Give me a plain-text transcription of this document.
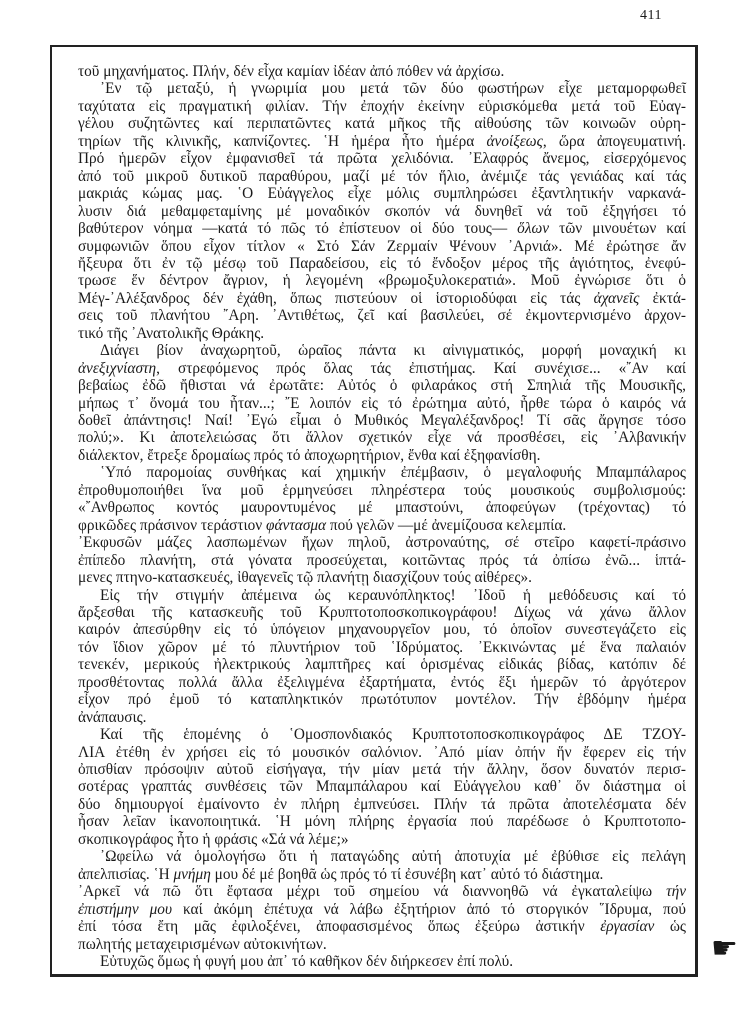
411
τοῦ μηχανήματος. Πλήν, δέν εἶχα καμίαν ἰδέαν ἀπό πόθεν νά ἀρχίσω.
᾿Εν τῷ μεταξύ, ἡ γνωριμία μου μετά τῶν δύο φωστήρων εἶχε μεταμορφωθεῖ
ταχύτατα εἰς πραγματική φιλίαν. Τήν ἐποχήν ἐκείνην εὑρισκόμεθα μετά τοῦ Εὐαγ-
γέλου συζητῶντες καί περιπατῶντες κατά μῆκος τῆς αἰθούσης τῶν κοινωῶν οὐρη-
τηρίων τῆς κλινικῆς, καπνίζοντες. ῾Η ἡμέρα ἦτο ἡμέρα ἀνοίξεως, ὥρα ἀπογευματινή.
Πρό ἡμερῶν εἶχον ἐμφανισθεῖ τά πρῶτα χελιδόνια. ᾿Ελαφρός ἄνεμος, εἰσερχόμενος
ἀπό τοῦ μικροῦ δυτικοῦ παραθύρου, μαζί μέ τόν ἥλιο, ἀνέμιζε τάς γενιάδας καί τάς
μακριάς κώμας μας. ῾Ο Εὐάγγελος εἶχε μόλις συμπληρώσει ἐξαντλητικήν ναρκανά-
λυσιν διά μεθαμφεταμίνης μέ μοναδικόν σκοπόν νά δυνηθεῖ νά τοῦ ἐξηγήσει τό
βαθύτερον νόημα —κατά τό πῶς τό ἐπίστευον οἱ δύο τους— ὅλων τῶν μινουέτων καί
συμφωνιῶν ὅπου εἶχον τίτλον « Στό Σάν Ζερμαίν Ψένουν ᾿Αρνιά». Μέ ἐρώτησε ἄν
ἤξευρα ὅτι ἐν τῷ μέσῳ τοῦ Παραδείσου, εἰς τό ἔνδοξον μέρος τῆς ἁγιότητος, ἐνεφύ-
τρωσε ἕν δέντρον ἄγριον, ἡ λεγομένη «βρωμοξυλοκερατιά». Μοῦ ἐγνώρισε ὅτι ὁ
Μέγ-᾿Αλέξανδρος δέν ἐχάθη, ὅπως πιστεύουν οἱ ἱστοριοδύφαι εἰς τάς ἀχανεῖς ἐκτά-
σεις τοῦ πλανήτου ῎Αρη. ᾿Αντιθέτως, ζεῖ καί βασιλεύει, σέ ἐκμοντερνισμένο ἀρχον-
τικό τῆς ᾿Ανατολικῆς Θράκης.
Διάγει βίον ἀναχωρητοῦ, ὡραῖος πάντα κι αἰνιγματικός, μορφή μοναχική κι
ἀνεξιχνίαστη, στρεφόμενος πρός ὅλας τάς ἐπιστήμας. Καί συνέχισε... «῎Αν καί
βεβαίως ἐδῶ ἤθισται νά ἐρωτᾶτε: Αὐτός ὁ φιλαράκος στή Σπηλιά τῆς Μουσικῆς,
μήπως τ᾿ ὄνομά του ἦταν...; ῎Ε λοιπόν εἰς τό ἐρώτημα αὐτό, ἦρθε τώρα ὁ καιρός νά
δοθεῖ ἀπάντησις! Ναί! ᾿Εγώ εἶμαι ὁ Μυθικός Μεγαλέξανδρος! Τί σᾶς ἄργησε τόσο
πολύ;». Κι ἀποτελειώσας ὅτι ἄλλον σχετικόν εἶχε νά προσθέσει, εἰς ᾿Αλβανικήν
διάλεκτον, ἔτρεξε δρομαίως πρός τό ἀποχωρητήριον, ἔνθα καί ἐξηφανίσθη.
῾Υπό παρομοίας συνθήκας καί χημικήν ἐπέμβασιν, ὁ μεγαλοφυής Μπαμπάλαρος
ἐπροθυμοποιήθει ἵνα μοῦ ἑρμηνεύσει πληρέστερα τούς μουσικούς συμβολισμούς:
«῎Ανθρωπος κοντός μαυροντυμένος μέ μπαστούνι, ἀποφεύγων (τρέχοντας) τό
φρικῶδες πράσινον τεράστιον φάντασμα πού γελῶν —μέ ἀνεμίζουσα κελεμπία.
᾿Εκφυσῶν μάζες λασπωμένων ἤχων πηλοῦ, ἀστροναύτης, σέ στεῖρο καφετί-πράσινο
ἐπίπεδο πλανήτη, στά γόνατα προσεύχεται, κοιτῶντας πρός τά ὀπίσω ἐνῶ... ἱπτά-
μενες πτηνο-κατασκευές, ἰθαγενεῖς τῷ πλανήτῃ διασχίζουν τούς αἰθέρες».
Εἰς τήν στιγμήν ἀπέμεινα ὡς κεραυνόπληκτος! ᾿Ιδοῦ ἡ μεθόδευσις καί τό
ἄρξεσθαι τῆς κατασκευῆς τοῦ Κρυπτοτοποσκοπικογράφου! Δίχως νά χάνω ἄλλον
καιρόν ἀπεσύρθην εἰς τό ὑπόγειον μηχανουργεῖον μου, τό ὁποῖον συνεστεγάζετο εἰς
τόν ἴδιον χῶρον μέ τό πλυντήριον τοῦ ῾Ιδρύματος. ᾿Εκκινώντας μέ ἕνα παλαιόν
τενεκέν, μερικούς ἠλεκτρικούς λαμπτῆρες καί ὁρισμένας εἰδικάς βίδας, κατόπιν δέ
προσθέτοντας πολλά ἄλλα ἐξελιγμένα ἐξαρτήματα, ἐντός ἕξι ἡμερῶν τό ἀργότερον
εἶχον πρό ἐμοῦ τό καταπληκτικόν πρωτότυπον μοντέλον. Τήν ἑβδόμην ἡμέρα
ἀνάπαυσις.
Καί τῆς ἑπομένης ὁ ῾Ομοσπονδιακός Κρυπτοτοποσκοπικογράφος ΔΕ ΤΖΟΥ-
ΛΙΑ ἐτέθη ἐν χρήσει εἰς τό μουσικόν σαλόνιον. ᾿Από μίαν ὀπήν ἥν ἔφερεν εἰς τήν
ὀπισθίαν πρόσοψιν αὐτοῦ εἰσήγαγα, τήν μίαν μετά τήν ἄλλην, ὅσον δυνατόν περισ-
σοτέρας γραπτάς συνθέσεις τῶν Μπαμπάλαρου καί Εὐάγγελου καθ᾿ ὅν διάστημα οἱ
δύο δημιουργοί ἐμαίνοντο ἐν πλήρη ἐμπνεύσει. Πλήν τά πρῶτα ἀποτελέσματα δέν
ἦσαν λεῖαν ἱκανοποιητικά. ῾Η μόνη πλήρης ἐργασία πού παρέδωσε ὁ Κρυπτοτοπο-
σκοπικογράφος ἦτο ἡ φράσις «Σά νά λέμε;»
᾿Ωφείλω νά ὁμολογήσω ὅτι ἡ παταγώδης αὐτή ἀποτυχία μέ ἐβύθισε εἰς πελάγη
ἀπελπισίας. ῾Η μνήμη μου δέ μέ βοηθᾶ ὡς πρός τό τί ἐσυνέβη κατ᾿ αὐτό τό διάστημα.
᾿Αρκεῖ νά πῶ ὅτι ἔφτασα μέχρι τοῦ σημείου νά διαννοηθῶ νά ἐγκαταλείψω τήν
ἐπιστήμην μου καί ἀκόμη ἐπέτυχα νά λάβω ἐξητήριον ἀπό τό στοργικόν ῞Ιδρυμα, πού
ἐπί τόσα ἔτη μᾶς ἐφιλοξένει, ἀποφασισμένος ὅπως ἐξεύρω ἀστικήν ἐργασίαν ὡς
πωλητής μεταχειρισμένων αὐτοκινήτων.
Εὐτυχῶς ὅμως ἡ φυγή μου ἀπ᾿ τό καθῆκον δέν διήρκεσεν ἐπί πολύ.	☛
